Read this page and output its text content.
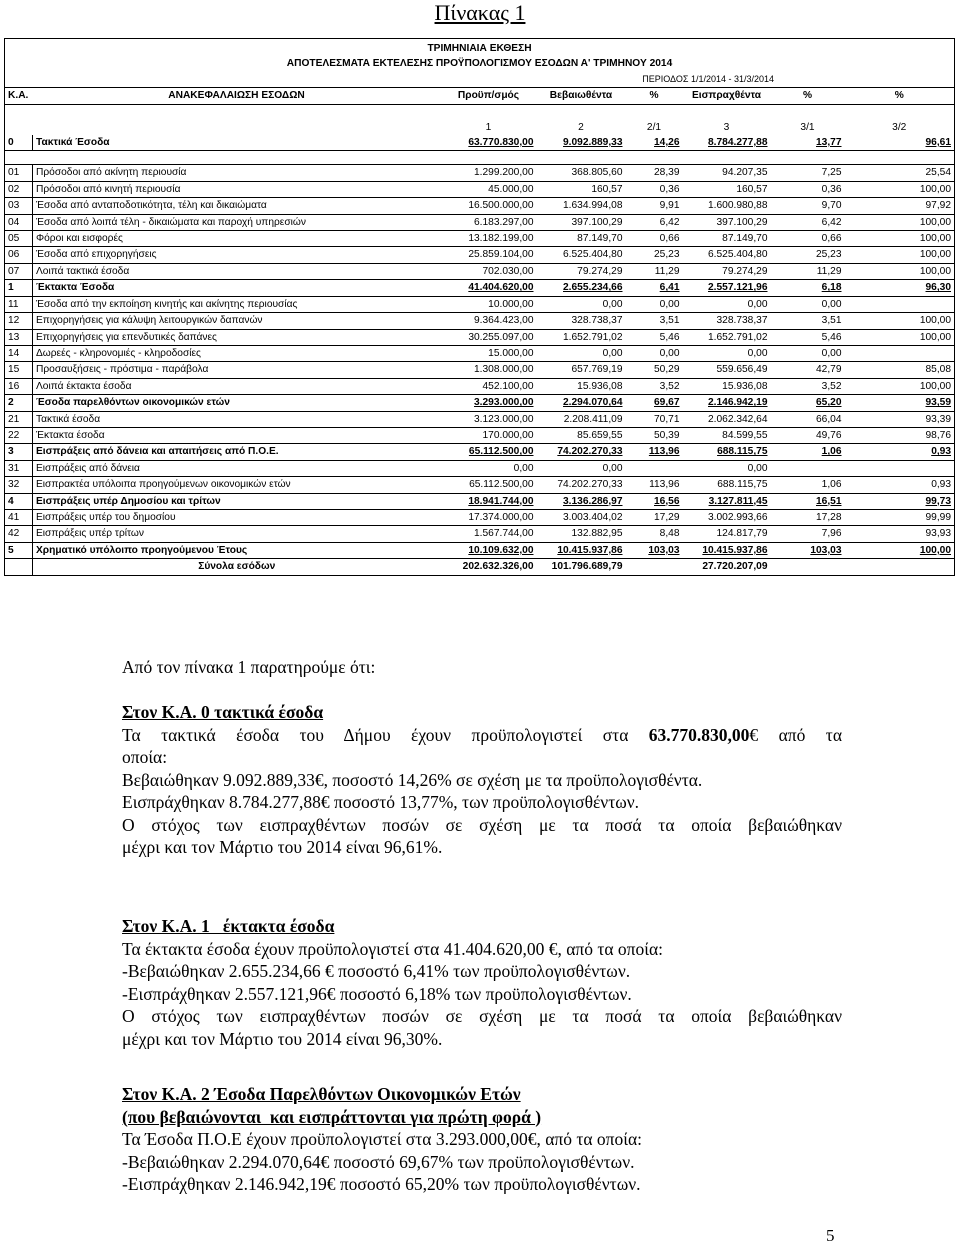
Πίνακας 1
ΤΡΙΜΗΝΙΑΙΑ ΕΚΘΕΣΗ							
ΑΠΟΤΕΛΕΣΜΑΤΑ ΕΚΤΕΛΕΣΗΣ ΠΡΟΫΠΟΛΟΓΙΣΜΟΥ ΕΣΟΔΩΝ Α' ΤΡΙΜΗΝΟΥ 2014							
ΠΕΡΙΟΔΟΣ 1/1/2014 - 31/3/2014							
Κ.Α.	ΑΝΑΚΕΦΑΛΑΙΩΣΗ ΕΣΟΔΩΝ	Προϋπ/σμός	Βεβαιωθέντα	%	Εισπραχθέντα	%	%

		1	2	2/1	3	3/1	3/2
0	Τακτικά Έσοδα	63.770.830,00	9.092.889,33	14,26	8.784.277,88	13,77	96,61

01	Πρόσοδοι από ακίνητη περιουσία	1.299.200,00	368.805,60	28,39	94.207,35	7,25	25,54
02	Πρόσοδοι από κινητή περιουσία	45.000,00	160,57	0,36	160,57	0,36	100,00
03	Έσοδα από ανταποδοτικότητα, τέλη και δικαιώματα	16.500.000,00	1.634.994,08	9,91	1.600.980,88	9,70	97,92
04	Έσοδα από λοιπά τέλη - δικαιώματα και παροχή υπηρεσιών	6.183.297,00	397.100,29	6,42	397.100,29	6,42	100,00
05	Φόροι και εισφορές	13.182.199,00	87.149,70	0,66	87.149,70	0,66	100,00
06	Έσοδα από επιχορηγήσεις	25.859.104,00	6.525.404,80	25,23	6.525.404,80	25,23	100,00
07	Λοιπά τακτικά έσοδα	702.030,00	79.274,29	11,29	79.274,29	11,29	100,00
1	Έκτακτα Έσοδα	41.404.620,00	2.655.234,66	6,41	2.557.121,96	6,18	96,30
11	Έσοδα από την εκποίηση κινητής και ακίνητης περιουσίας	10.000,00	0,00	0,00	0,00	0,00	
12	Επιχορηγήσεις για κάλυψη λειτουργικών δαπανών	9.364.423,00	328.738,37	3,51	328.738,37	3,51	100,00
13	Επιχορηγήσεις για επενδυτικές δαπάνες	30.255.097,00	1.652.791,02	5,46	1.652.791,02	5,46	100,00
14	Δωρεές - κληρονομιές - κληροδοσίες	15.000,00	0,00	0,00	0,00	0,00	
15	Προσαυξήσεις - πρόστιμα - παράβολα	1.308.000,00	657.769,19	50,29	559.656,49	42,79	85,08
16	Λοιπά έκτακτα έσοδα	452.100,00	15.936,08	3,52	15.936,08	3,52	100,00
2	Έσοδα παρελθόντων οικονομικών ετών	3.293.000,00	2.294.070,64	69,67	2.146.942,19	65,20	93,59
21	Τακτικά έσοδα	3.123.000,00	2.208.411,09	70,71	2.062.342,64	66,04	93,39
22	Έκτακτα έσοδα	170.000,00	85.659,55	50,39	84.599,55	49,76	98,76
3	Εισπράξεις από δάνεια και απαιτήσεις από Π.Ο.Ε.	65.112.500,00	74.202.270,33	113,96	688.115,75	1,06	0,93
31	Εισπράξεις από δάνεια	0,00	0,00		0,00		
32	Εισπρακτέα υπόλοιπα προηγούμενων οικονομικών ετών	65.112.500,00	74.202.270,33	113,96	688.115,75	1,06	0,93
4	Εισπράξεις υπέρ Δημοσίου και τρίτων	18.941.744,00	3.136.286,97	16,56	3.127.811,45	16,51	99,73
41	Εισπράξεις υπέρ του δημοσίου	17.374.000,00	3.003.404,02	17,29	3.002.993,66	17,28	99,99
42	Εισπράξεις υπέρ τρίτων	1.567.744,00	132.882,95	8,48	124.817,79	7,96	93,93
5	Χρηματικό υπόλοιπο προηγούμενου Έτους	10.109.632,00	10.415.937,86	103,03	10.415.937,86	103,03	100,00
	Σύνολα εσόδων	202.632.326,00	101.796.689,79		27.720.207,09		

Από τον πίνακα 1 παρατηρούμε ότι:

Στον Κ.Α. 0 τακτικά έσοδα

Τα τακτικά έσοδα του Δήμου έχουν προϋπολογιστεί στα 63.770.830,00€ από τα

οποία:

Βεβαιώθηκαν 9.092.889,33€, ποσοστό 14,26% σε σχέση με τα προϋπολογισθέντα.

Εισπράχθηκαν 8.784.277,88€ ποσοστό 13,77%, των προϋπολογισθέντων.

Ο στόχος των εισπραχθέντων ποσών σε σχέση με τα ποσά τα οποία βεβαιώθηκαν

μέχρι και τον Μάρτιο του 2014 είναι 96,61%.

Στον Κ.Α. 1   έκτακτα έσοδα

Τα έκτακτα έσοδα έχουν προϋπολογιστεί στα 41.404.620,00 €, από τα οποία:

-Βεβαιώθηκαν 2.655.234,66 € ποσοστό 6,41% των προϋπολογισθέντων.

-Εισπράχθηκαν 2.557.121,96€ ποσοστό 6,18% των προϋπολογισθέντων.

Ο στόχος των εισπραχθέντων ποσών σε σχέση με τα ποσά τα οποία βεβαιώθηκαν

μέχρι και τον Μάρτιο του 2014 είναι 96,30%.

Στον Κ.Α. 2 Έσοδα Παρελθόντων Οικονομικών Ετών

(που βεβαιώνονται  και εισπράττονται για πρώτη φορά )

Τα Έσοδα Π.Ο.Ε έχουν προϋπολογιστεί στα 3.293.000,00€, από τα οποία:

-Βεβαιώθηκαν 2.294.070,64€ ποσοστό 69,67% των προϋπολογισθέντων.

-Εισπράχθηκαν 2.146.942,19€ ποσοστό 65,20% των προϋπολογισθέντων.

5
